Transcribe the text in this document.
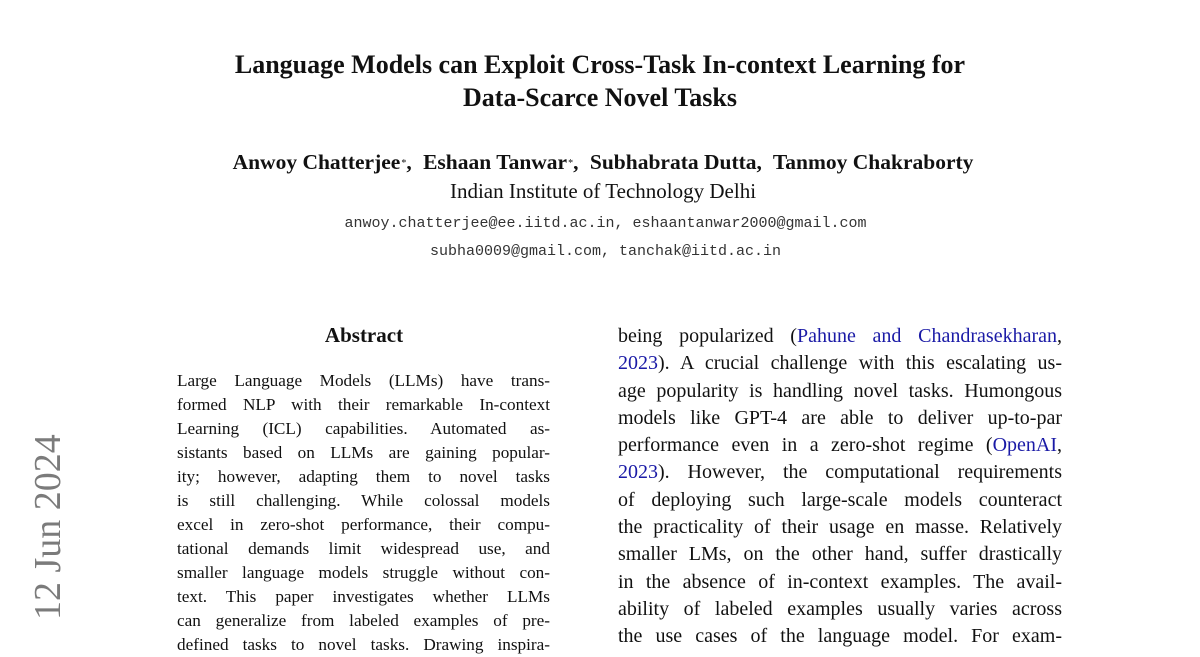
12 Jun 2024
Language Models can Exploit Cross-Task In-context Learning for
Data-Scarce Novel Tasks
Anwoy Chatterjee*, Eshaan Tanwar*, Subhabrata Dutta, Tanmoy Chakraborty
Indian Institute of Technology Delhi
anwoy.chatterjee@ee.iitd.ac.in, eshaantanwar2000@gmail.com
subha0009@gmail.com, tanchak@iitd.ac.in
Abstract
Large Language Models (LLMs) have trans-
formed NLP with their remarkable In-context
Learning (ICL) capabilities. Automated as-
sistants based on LLMs are gaining popular-
ity; however, adapting them to novel tasks
is still challenging. While colossal models
excel in zero-shot performance, their compu-
tational demands limit widespread use, and
smaller language models struggle without con-
text. This paper investigates whether LLMs
can generalize from labeled examples of pre-
defined tasks to novel tasks. Drawing inspira-
being popularized (Pahune and Chandrasekharan,
2023). A crucial challenge with this escalating us-
age popularity is handling novel tasks. Humongous
models like GPT-4 are able to deliver up-to-par
performance even in a zero-shot regime (OpenAI,
2023). However, the computational requirements
of deploying such large-scale models counteract
the practicality of their usage en masse. Relatively
smaller LMs, on the other hand, suffer drastically
in the absence of in-context examples. The avail-
ability of labeled examples usually varies across
the use cases of the language model. For exam-
